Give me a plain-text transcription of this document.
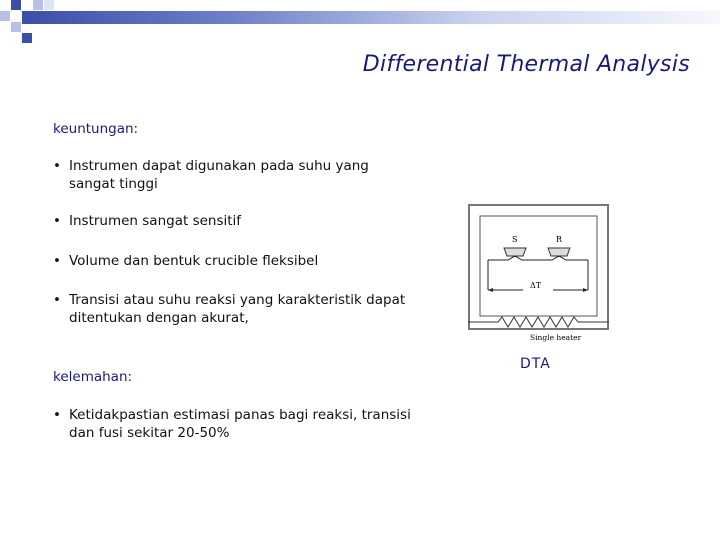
Differential Thermal Analysis
keuntungan:
• Instrumen dapat digunakan pada suhu yang sangat tinggi
• Instrumen sangat sensitif
• Volume dan bentuk crucible fleksibel
• Transisi atau suhu reaksi yang karakteristik dapat ditentukan dengan akurat,
kelemahan:
• Ketidakpastian estimasi panas bagi reaksi, transisi dan fusi sekitar 20-50%
S	R
ΔT
Single heater
DTA
